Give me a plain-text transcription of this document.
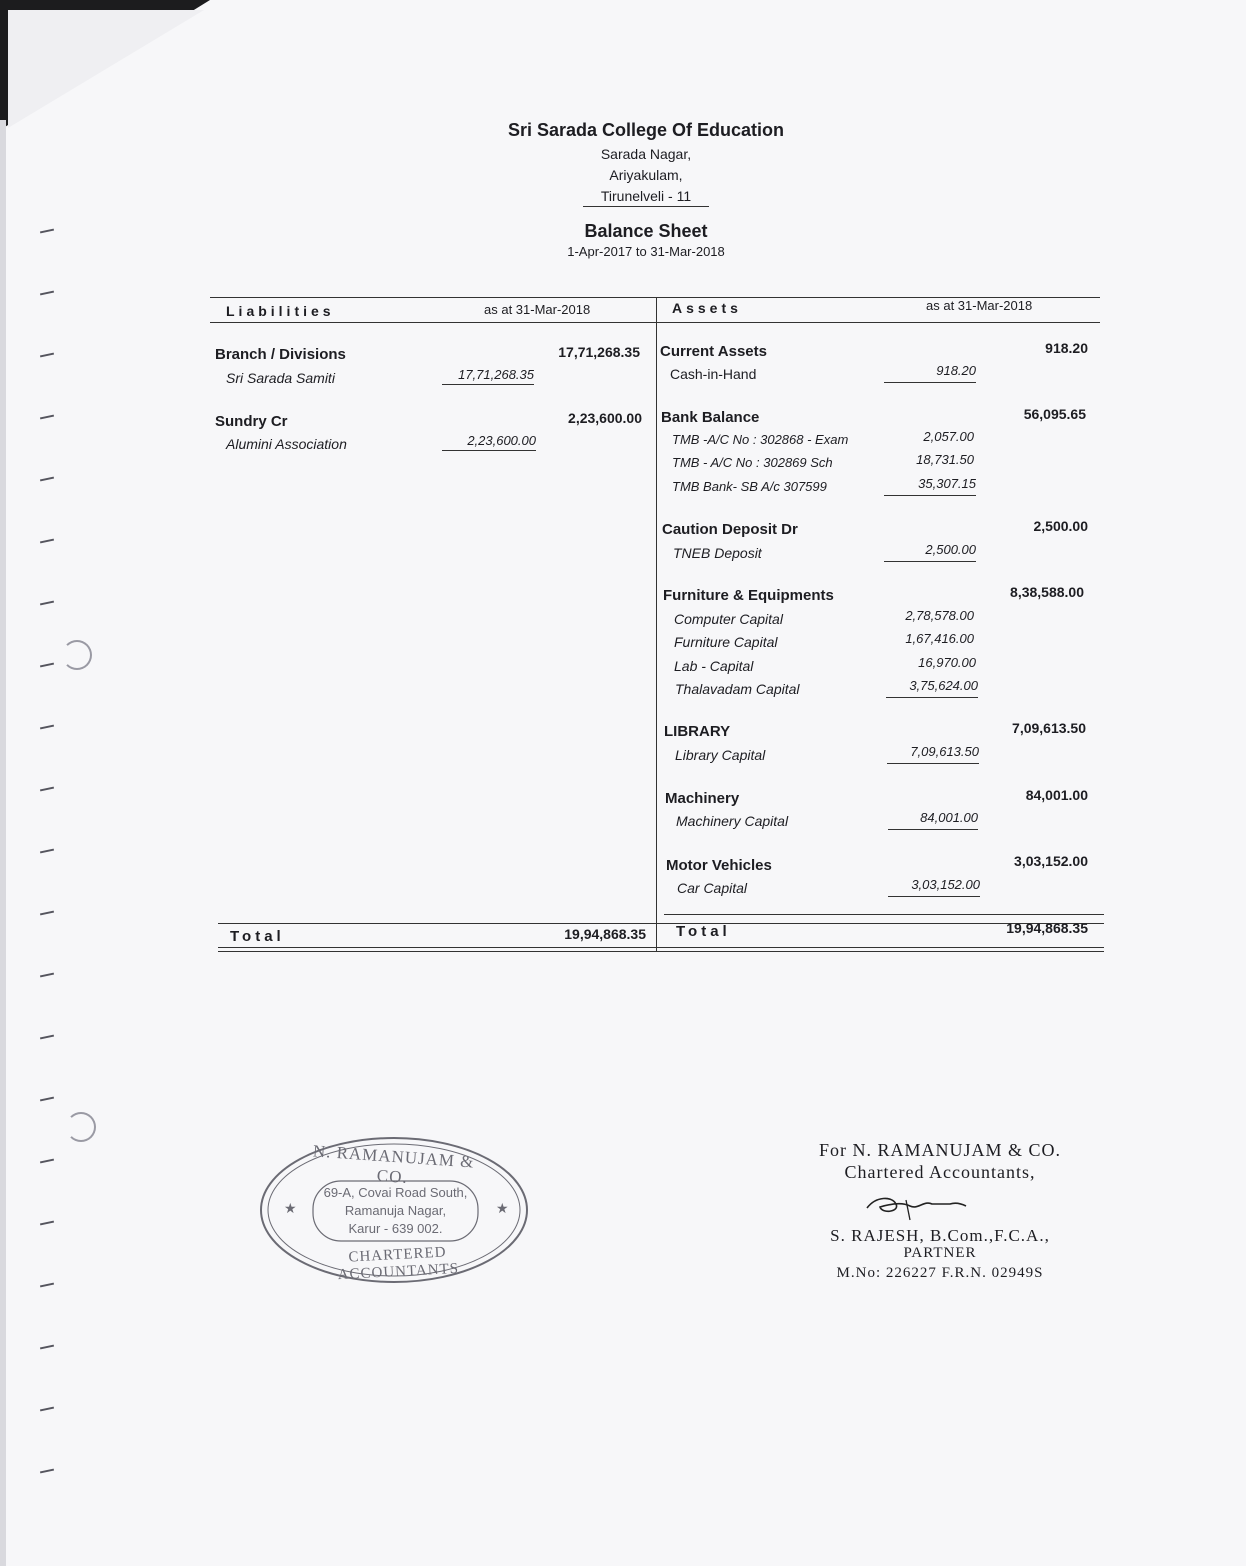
Sri Sarada College Of Education
Sarada Nagar,
Ariyakulam,
Tirunelveli - 11
Balance Sheet
1-Apr-2017 to 31-Mar-2018
Liabilities	as at 31-Mar-2018	Assets	as at 31-Mar-2018
Branch / Divisions	17,71,268.35
Sri Sarada Samiti	17,71,268.35
Sundry Cr	2,23,600.00
Alumini Association	2,23,600.00
Total	19,94,868.35
Current Assets	918.20
Cash-in-Hand	918.20
Bank Balance	56,095.65
TMB -A/C No : 302868 - Exam	2,057.00
TMB - A/C No : 302869 Sch	18,731.50
TMB Bank- SB A/c 307599	35,307.15
Caution Deposit Dr	2,500.00
TNEB Deposit	2,500.00
Furniture & Equipments	8,38,588.00
Computer Capital	2,78,578.00
Furniture Capital	1,67,416.00
Lab - Capital	16,970.00
Thalavadam Capital	3,75,624.00
LIBRARY	7,09,613.50
Library Capital	7,09,613.50
Machinery	84,001.00
Machinery Capital	84,001.00
Motor Vehicles	3,03,152.00
Car Capital	3,03,152.00
Total	19,94,868.35
★	★
N. RAMANUJAM & CO.
69-A, Covai Road South,
Ramanuja Nagar,
Karur - 639 002.
CHARTERED ACCOUNTANTS
For N. RAMANUJAM & CO.
Chartered Accountants,
S. RAJESH, B.Com.,F.C.A.,
PARTNER
M.No: 226227 F.R.N. 02949S
